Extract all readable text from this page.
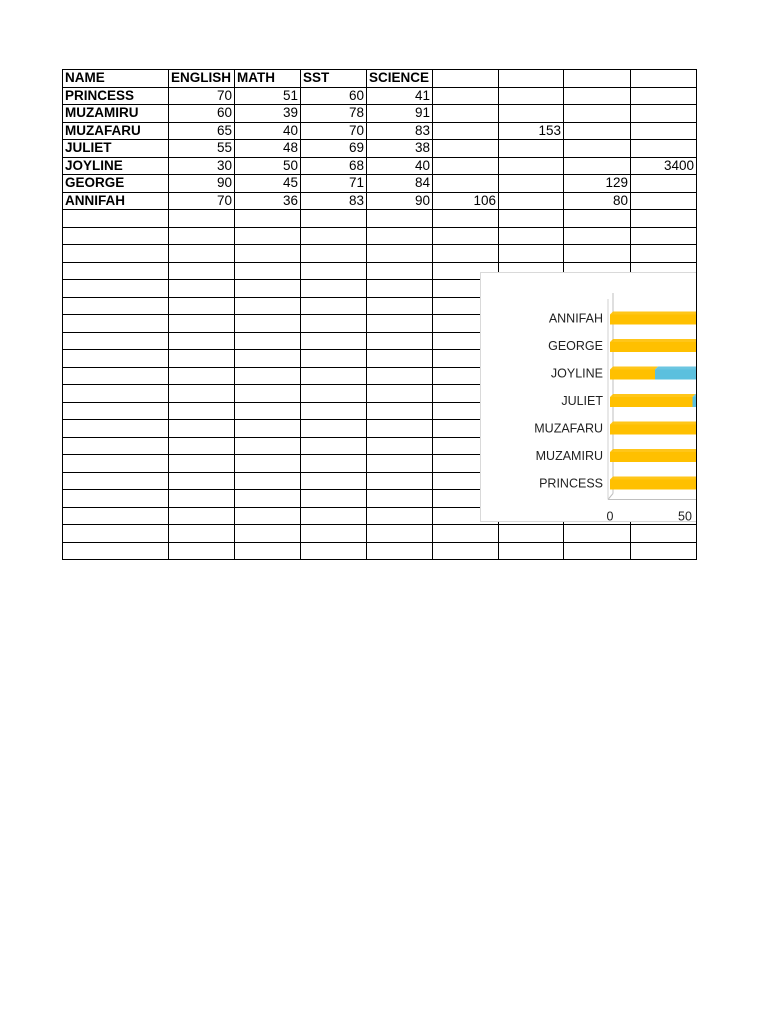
NAME	ENGLISH	MATH	SST	SCIENCE				
PRINCESS	70	51	60	41				
MUZAMIRU	60	39	78	91				
MUZAFARU	65	40	70	83		153		
JULIET	55	48	69	38				
JOYLINE	30	50	68	40				3400
GEORGE	90	45	71	84			129	
ANNIFAH	70	36	83	90	106		80	

ANNIFAH
GEORGE
JOYLINE
JULIET
MUZAFARU
MUZAMIRU
PRINCESS
0	50
